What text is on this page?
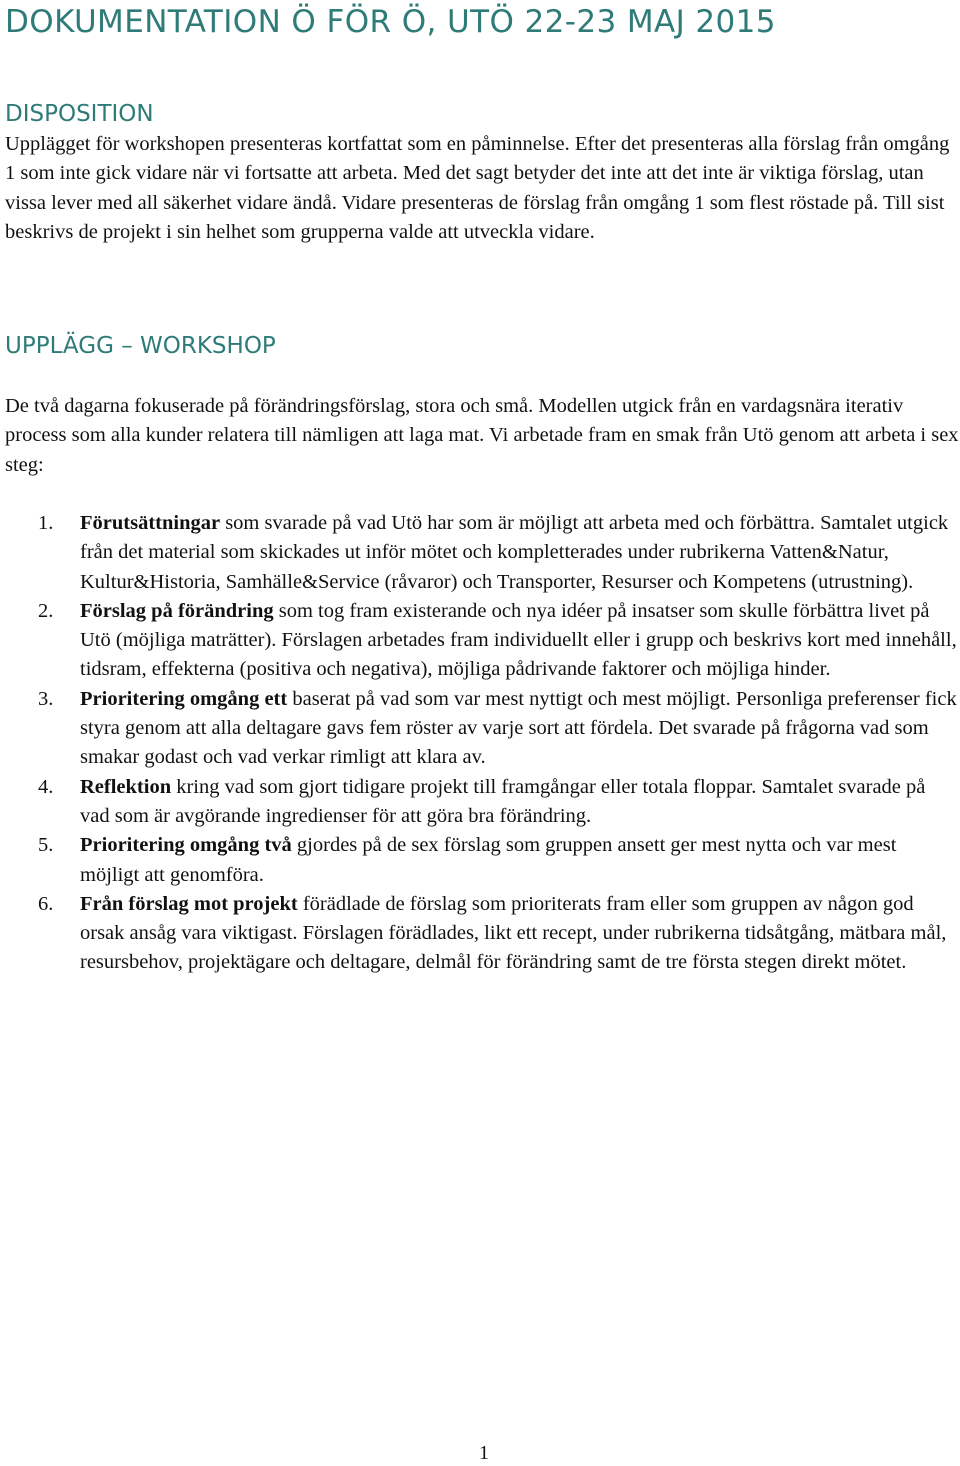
DOKUMENTATION Ö FÖR Ö, UTÖ 22-23 MAJ 2015
DISPOSITION

Upplägget för workshopen presenteras kortfattat som en påminnelse. Efter det presenteras alla förslag från omgång 1 som inte gick vidare när vi fortsatte att arbeta. Med det sagt betyder det inte att det inte är viktiga förslag, utan vissa lever med all säkerhet vidare ändå. Vidare presenteras de förslag från omgång 1 som flest röstade på. Till sist beskrivs de projekt i sin helhet som grupperna valde att utveckla vidare.

UPPLÄGG – WORKSHOP

De två dagarna fokuserade på förändringsförslag, stora och små. Modellen utgick från en vardagsnära iterativ process som alla kunder relatera till nämligen att laga mat. Vi arbetade fram en smak från Utö genom att arbeta i sex steg:

1. Förutsättningar som svarade på vad Utö har som är möjligt att arbeta med och förbättra. Samtalet utgick från det material som skickades ut inför mötet och kompletterades under rubrikerna Vatten&Natur, Kultur&Historia, Samhälle&Service (råvaror) och Transporter, Resurser och Kompetens (utrustning).
2. Förslag på förändring som tog fram existerande och nya idéer på insatser som skulle förbättra livet på Utö (möjliga maträtter). Förslagen arbetades fram individuellt eller i grupp och beskrivs kort med innehåll, tidsram, effekterna (positiva och negativa), möjliga pådrivande faktorer och möjliga hinder.
3. Prioritering omgång ett baserat på vad som var mest nyttigt och mest möjligt. Personliga preferenser fick styra genom att alla deltagare gavs fem röster av varje sort att fördela. Det svarade på frågorna vad som smakar godast och vad verkar rimligt att klara av.
4. Reflektion kring vad som gjort tidigare projekt till framgångar eller totala floppar. Samtalet svarade på vad som är avgörande ingredienser för att göra bra förändring.
5. Prioritering omgång två gjordes på de sex förslag som gruppen ansett ger mest nytta och var mest möjligt att genomföra.
6. Från förslag mot projekt förädlade de förslag som prioriterats fram eller som gruppen av någon god orsak ansåg vara viktigast. Förslagen förädlades, likt ett recept, under rubrikerna tidsåtgång, mätbara mål, resursbehov, projektägare och deltagare, delmål för förändring samt de tre första stegen direkt mötet.
1
